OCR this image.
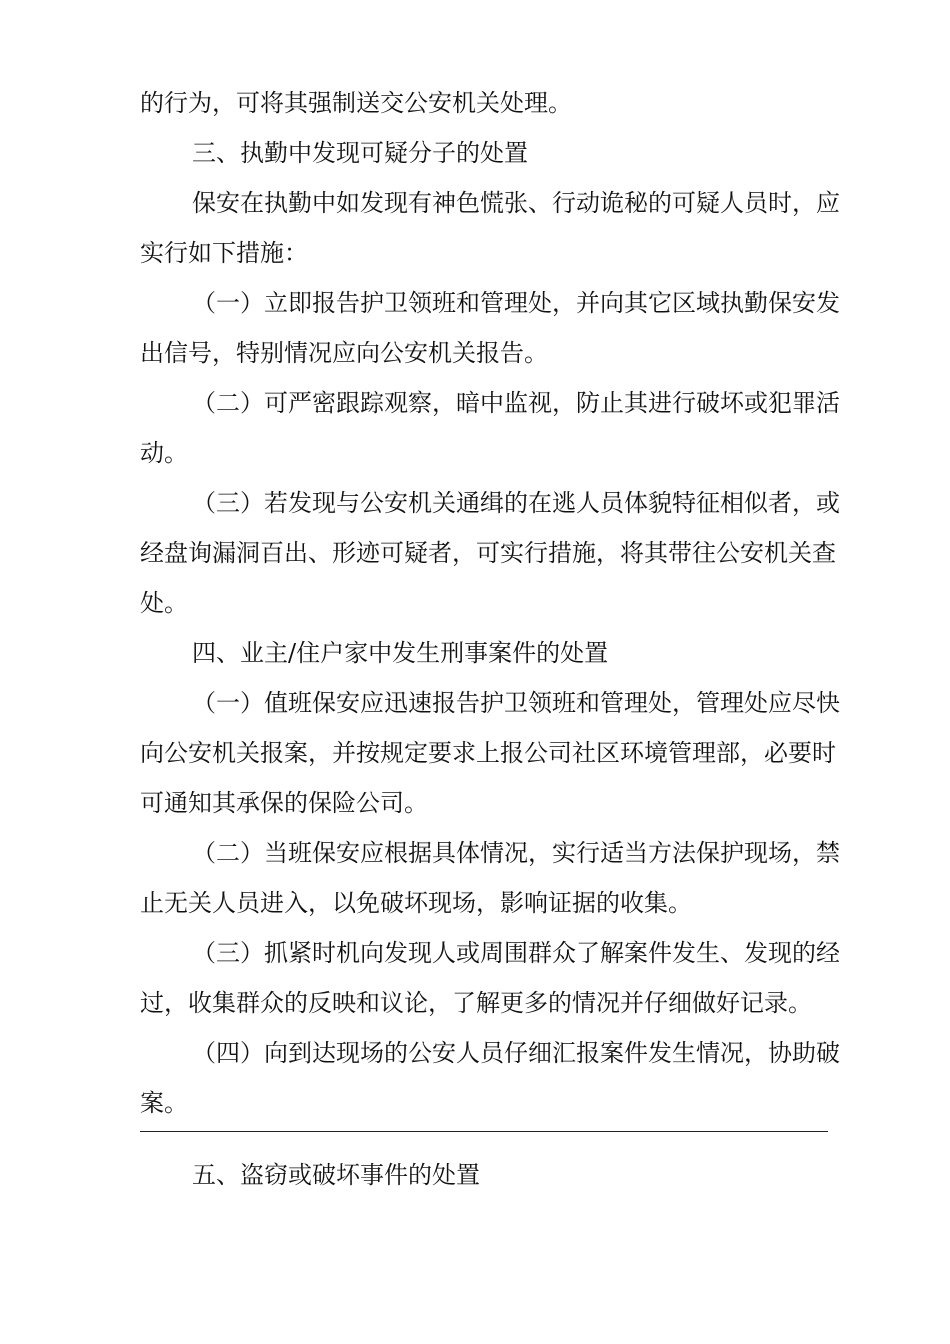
的行为，可将其强制送交公安机关处理。
三、执勤中发现可疑分子的处置
保安在执勤中如发现有神色慌张、行动诡秘的可疑人员时，应
实行如下措施：
（一）立即报告护卫领班和管理处，并向其它区域执勤保安发
出信号，特别情况应向公安机关报告。
（二）可严密跟踪观察，暗中监视，防止其进行破坏或犯罪活
动。
（三）若发现与公安机关通缉的在逃人员体貌特征相似者，或
经盘询漏洞百出、形迹可疑者，可实行措施，将其带往公安机关查
处。
四、业主/住户家中发生刑事案件的处置
（一）值班保安应迅速报告护卫领班和管理处，管理处应尽快
向公安机关报案，并按规定要求上报公司社区环境管理部，必要时
可通知其承保的保险公司。
（二）当班保安应根据具体情况，实行适当方法保护现场，禁
止无关人员进入，以免破坏现场，影响证据的收集。
（三）抓紧时机向发现人或周围群众了解案件发生、发现的经
过，收集群众的反映和议论，了解更多的情况并仔细做好记录。
（四）向到达现场的公安人员仔细汇报案件发生情况，协助破
案。
五、盗窃或破坏事件的处置
